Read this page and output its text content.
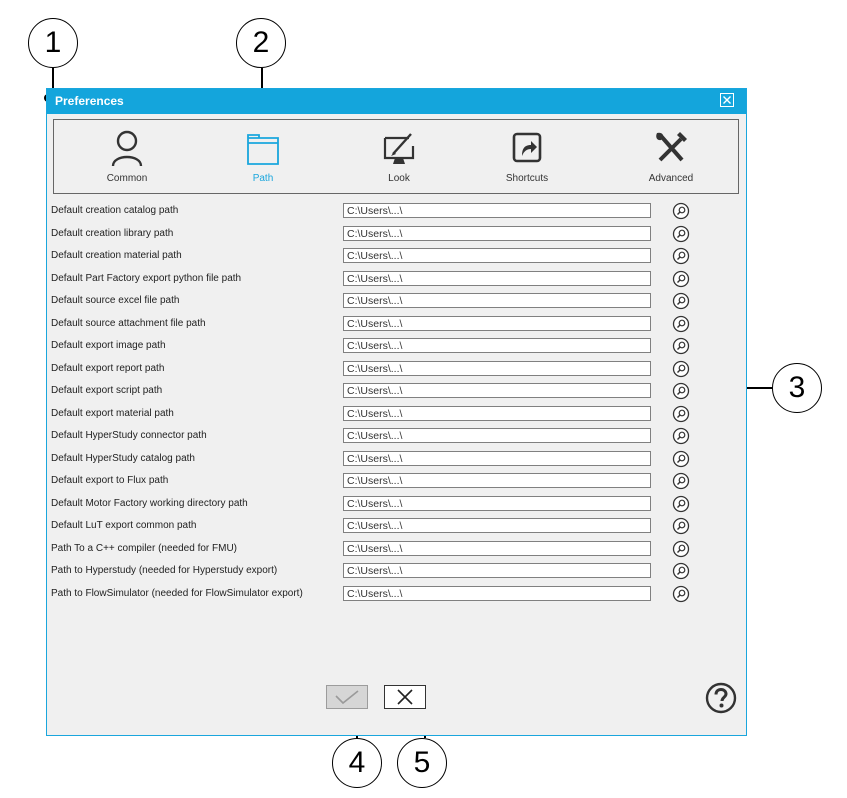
1	2
3
4	5
Preferences
Common	Path	Look	Shortcuts	Advanced
Default creation catalog path	C:\Users\...\
Default creation library path	C:\Users\...\
Default creation material path	C:\Users\...\
Default Part Factory export python file path	C:\Users\...\
Default source excel file path	C:\Users\...\
Default source attachment file path	C:\Users\...\
Default export image path	C:\Users\...\
Default export report path	C:\Users\...\
Default export script path	C:\Users\...\
Default export material path	C:\Users\...\
Default HyperStudy connector path	C:\Users\...\
Default HyperStudy catalog path	C:\Users\...\
Default export to Flux path	C:\Users\...\
Default Motor Factory working directory path	C:\Users\...\
Default LuT export common path	C:\Users\...\
Path To a C++ compiler (needed for FMU)	C:\Users\...\
Path to Hyperstudy (needed for Hyperstudy export)	C:\Users\...\
Path to FlowSimulator (needed for FlowSimulator export)	C:\Users\...\
